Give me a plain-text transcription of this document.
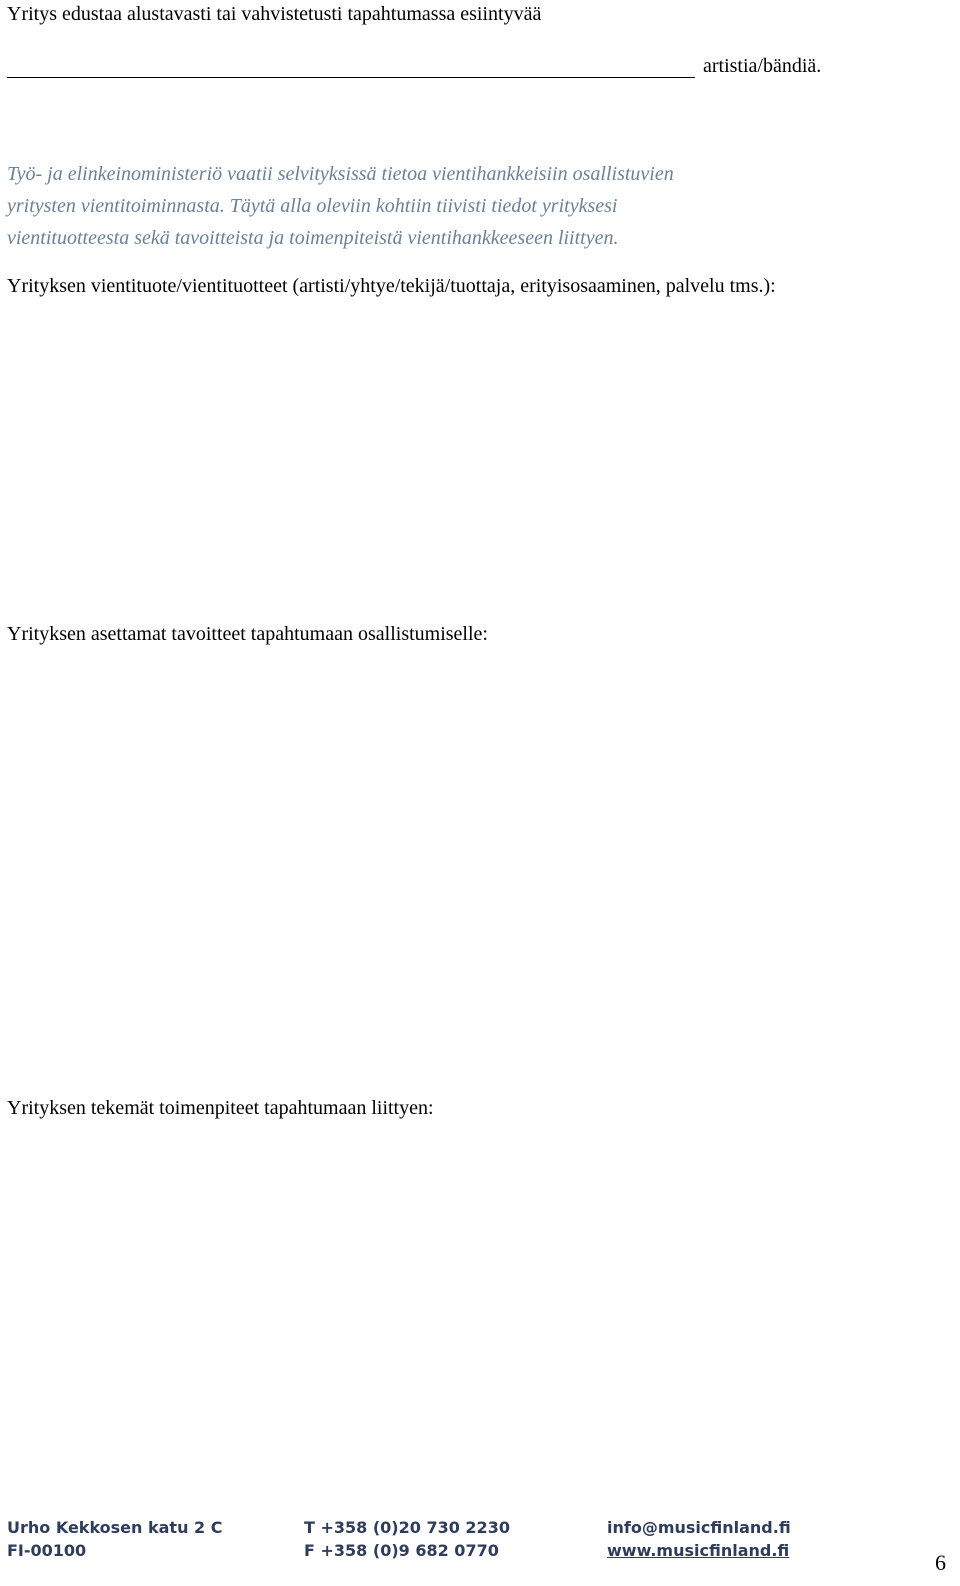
Yritys edustaa alustavasti tai vahvistetusti tapahtumassa esiintyvää
artistia/bändiä.
Työ- ja elinkeinoministeriö vaatii selvityksissä tietoa vientihankkeisiin osallistuvien
yritysten vientitoiminnasta. Täytä alla oleviin kohtiin tiivisti tiedot yrityksesi
vientituotteesta sekä tavoitteista ja toimenpiteistä vientihankkeeseen liittyen.
Yrityksen vientituote/vientituotteet (artisti/yhtye/tekijä/tuottaja, erityisosaaminen, palvelu tms.):
Yrityksen asettamat tavoitteet tapahtumaan osallistumiselle:
Yrityksen tekemät toimenpiteet tapahtumaan liittyen:
Urho Kekkosen katu 2 C
FI-00100
T +358 (0)20 730 2230
F +358 (0)9 682 0770
info@musicfinland.fi
www.musicfinland.fi	6
